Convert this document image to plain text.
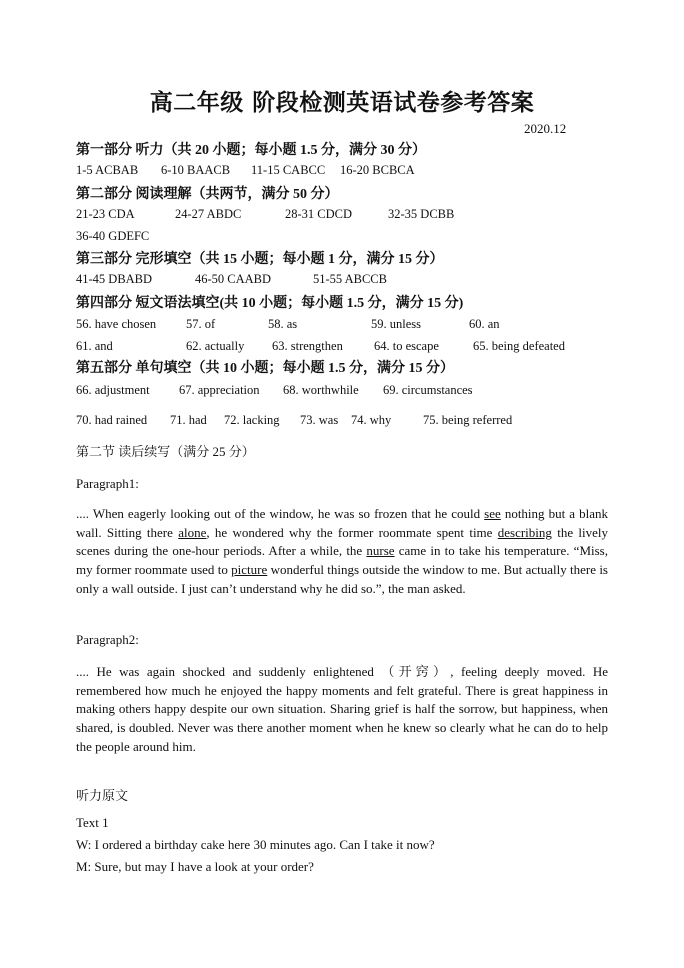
高二年级 阶段检测英语试卷参考答案
2020.12
第一部分 听力（共 20 小题；每小题 1.5 分，满分 30 分）
1-5 ACBAB 6-10 BAACB 11-15 CABCC 16-20 BCBCA
第二部分 阅读理解（共两节，满分 50 分）
21-23 CDA	24-27 ABDC	28-31 CDCD	32-35 DCBB
36-40 GDEFC
第三部分 完形填空（共 15 小题；每小题 1 分，满分 15 分）
41-45 DBABD	46-50 CAABD	51-55 ABCCB
第四部分 短文语法填空(共 10 小题；每小题 1.5 分，满分 15 分)
56. have chosen 57. of	58. as	59. unless	60. an
61. and	62. actually 63. strengthen 64. to escape	65. being defeated
第五部分 单句填空（共 10 小题；每小题 1.5 分，满分 15 分）
66. adjustment 67. appreciation 68. worthwhile 69. circumstances
70. had rained 71. had 72. lacking 73. was 74. why	75. being referred
第二节 读后续写（满分 25 分）
Paragraph1:
.... When eagerly looking out of the window, he was so frozen that he could see nothing but a blank wall. Sitting there alone, he wondered why the former roommate spent time describing the lively scenes during the one-hour periods. After a while, the nurse came in to take his temperature. “Miss, my former roommate used to picture wonderful things outside the window to me. But actually there is only a wall outside. I just can’t understand why he did so.”, the man asked.
Paragraph2:
.... He was again shocked and suddenly enlightened （开窍）, feeling deeply moved. He remembered how much he enjoyed the happy moments and felt grateful. There is great happiness in making others happy despite our own situation. Sharing grief is half the sorrow, but happiness, when shared, is doubled. Never was there another moment when he knew so clearly what he can do to help the people around him.
听力原文
Text 1
W: I ordered a birthday cake here 30 minutes ago. Can I take it now?
M: Sure, but may I have a look at your order?
